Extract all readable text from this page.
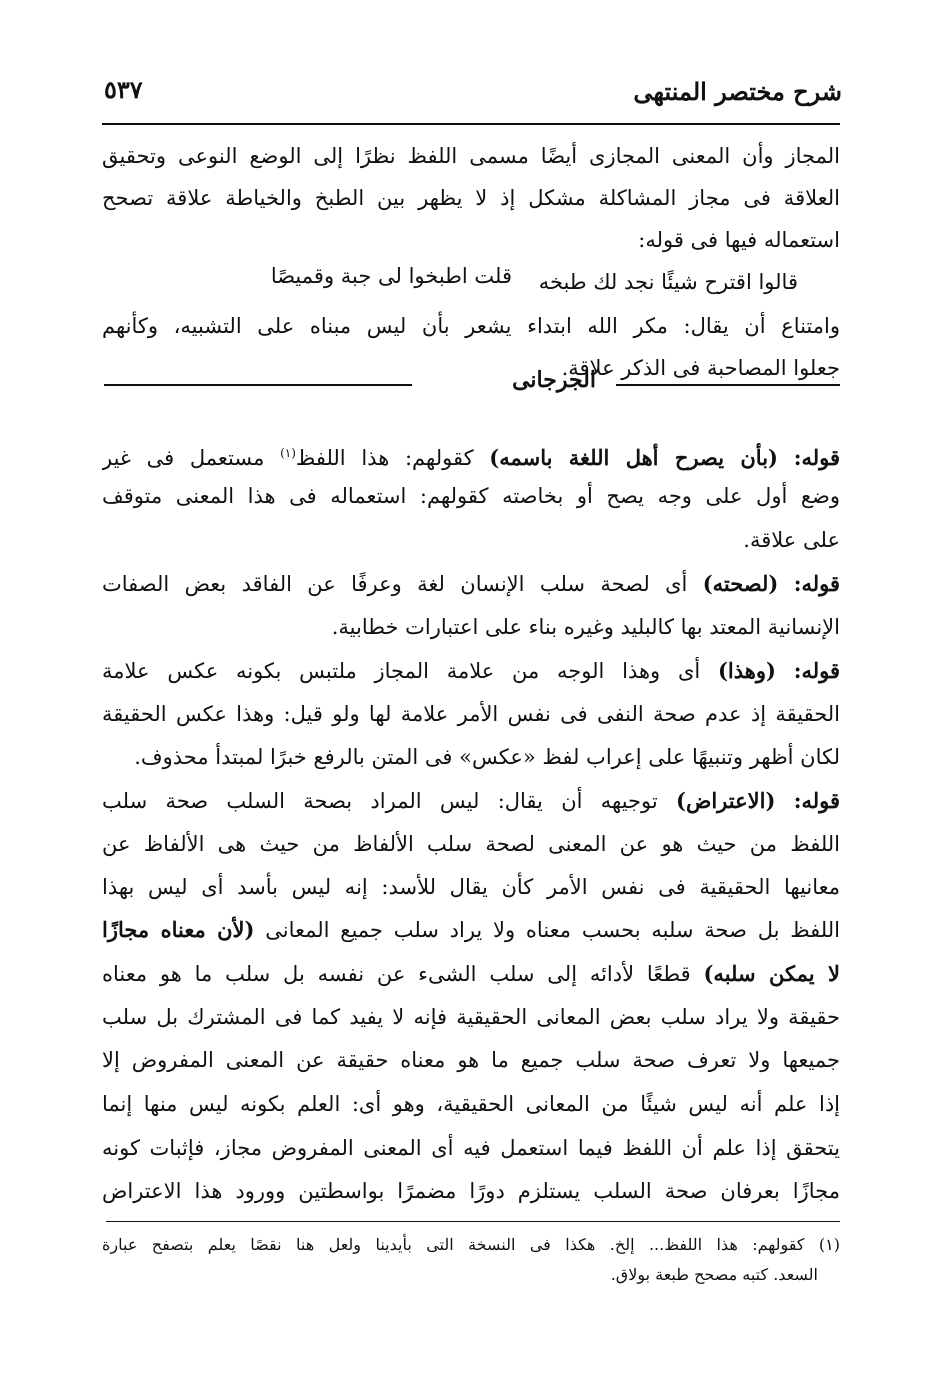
شرح مختصر المنتهى
٥٣٧
المجاز وأن المعنى المجازى أيضًا مسمى اللفظ نظرًا إلى الوضع النوعى وتحقيق
العلاقة فى مجاز المشاكلة مشكل إذ لا يظهر بين الطبخ والخياطة علاقة تصحح
استعماله فيها فى قوله:
قالوا اقترح شيئًا نجد لك طبخه
قلت اطبخوا لى جبة وقميصًا
وامتناع أن يقال: مكر الله ابتداء يشعر بأن ليس مبناه على التشبيه، وكأنهم
جعلوا المصاحبة فى الذكر علاقة.
الجرجانى
قوله: (بأن يصرح أهل اللغة باسمه) كقولهم: هذا اللفظ$^{(١)}$ مستعمل فى غير
وضع أول على وجه يصح أو بخاصته كقولهم: استعماله فى هذا المعنى متوقف
على علاقة.
قوله: (لصحته) أى لصحة سلب الإنسان لغة وعرفًا عن الفاقد بعض الصفات
الإنسانية المعتد بها كالبليد وغيره بناء على اعتبارات خطابية.
قوله: (وهذا) أى وهذا الوجه من علامة المجاز ملتبس بكونه عكس علامة
الحقيقة إذ عدم صحة النفى فى نفس الأمر علامة لها ولو قيل: وهذا عكس الحقيقة
لكان أظهر وتنبيهًا على إعراب لفظ «عكس» فى المتن بالرفع خبرًا لمبتدأ محذوف.
قوله: (الاعتراض) توجيهه أن يقال: ليس المراد بصحة السلب صحة سلب
اللفظ من حيث هو عن المعنى لصحة سلب الألفاظ من حيث هى الألفاظ عن
معانيها الحقيقية فى نفس الأمر كأن يقال للأسد: إنه ليس بأسد أى ليس بهذا
اللفظ بل صحة سلبه بحسب معناه ولا يراد سلب جميع المعانى (لأن معناه مجازًا
لا يمكن سلبه) قطعًا لأدائه إلى سلب الشىء عن نفسه بل سلب ما هو معناه
حقيقة ولا يراد سلب بعض المعانى الحقيقية فإنه لا يفيد كما فى المشترك بل سلب
جميعها ولا تعرف صحة سلب جميع ما هو معناه حقيقة عن المعنى المفروض إلا
إذا علم أنه ليس شيئًا من المعانى الحقيقية، وهو أى: العلم بكونه ليس منها إنما
يتحقق إذا علم أن اللفظ فيما استعمل فيه أى المعنى المفروض مجاز، فإثبات كونه
مجازًا بعرفان صحة السلب يستلزم دورًا مضمرًا بواسطتين وورود هذا الاعتراض
(١) كقولهم: هذا اللفظ... إلخ. هكذا فى النسخة التى بأيدينا ولعل هنا نقصًا يعلم بتصفح عبارة
السعد. كتبه مصحح طبعة بولاق.
